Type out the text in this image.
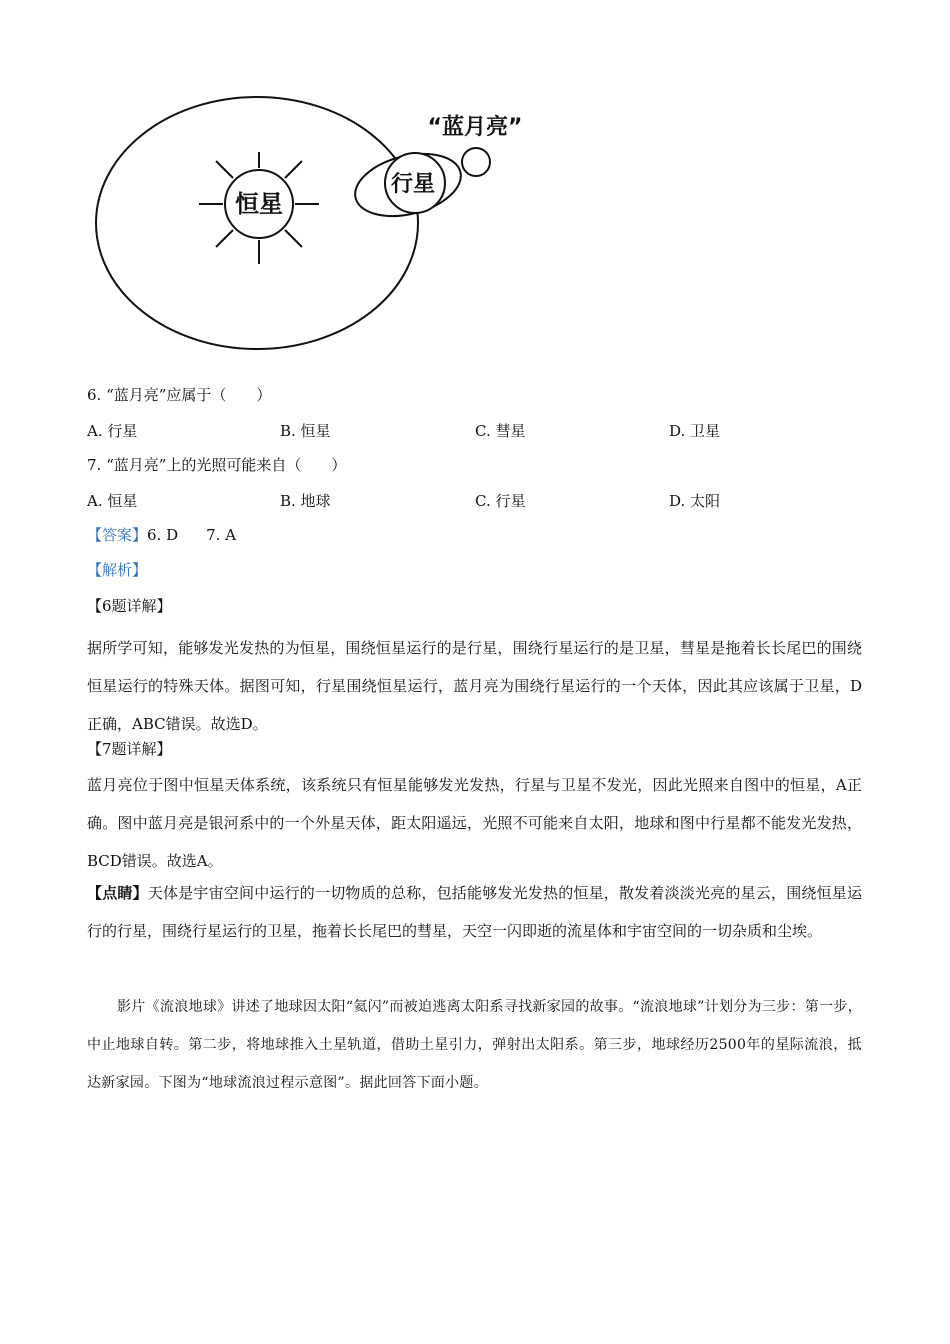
恒星
行星
“蓝月亮”
6. “蓝月亮”应属于（　　）
A. 行星	B. 恒星	C. 彗星	D. 卫星
7. “蓝月亮”上的光照可能来自（　　）
A. 恒星	B. 地球	C. 行星	D. 太阳
【答案】6. D 7. A
【解析】
【6题详解】
据所学可知，能够发光发热的为恒星，围绕恒星运行的是行星，围绕行星运行的是卫星，彗星是拖着长长尾巴的围绕恒星运行的特殊天体。据图可知，行星围绕恒星运行，蓝月亮为围绕行星运行的一个天体，因此其应该属于卫星，D正确，ABC错误。故选D。
【7题详解】
蓝月亮位于图中恒星天体系统，该系统只有恒星能够发光发热，行星与卫星不发光，因此光照来自图中的恒星，A正确。图中蓝月亮是银河系中的一个外星天体，距太阳遥远，光照不可能来自太阳，地球和图中行星都不能发光发热，BCD错误。故选A。
【点睛】天体是宇宙空间中运行的一切物质的总称，包括能够发光发热的恒星，散发着淡淡光亮的星云，围绕恒星运行的行星，围绕行星运行的卫星，拖着长长尾巴的彗星，天空一闪即逝的流星体和宇宙空间的一切杂质和尘埃。
影片《流浪地球》讲述了地球因太阳“氦闪”而被迫逃离太阳系寻找新家园的故事。“流浪地球”计划分为三步：第一步，中止地球自转。第二步，将地球推入土星轨道，借助土星引力，弹射出太阳系。第三步，地球经历2500年的星际流浪，抵达新家园。下图为“地球流浪过程示意图”。据此回答下面小题。
